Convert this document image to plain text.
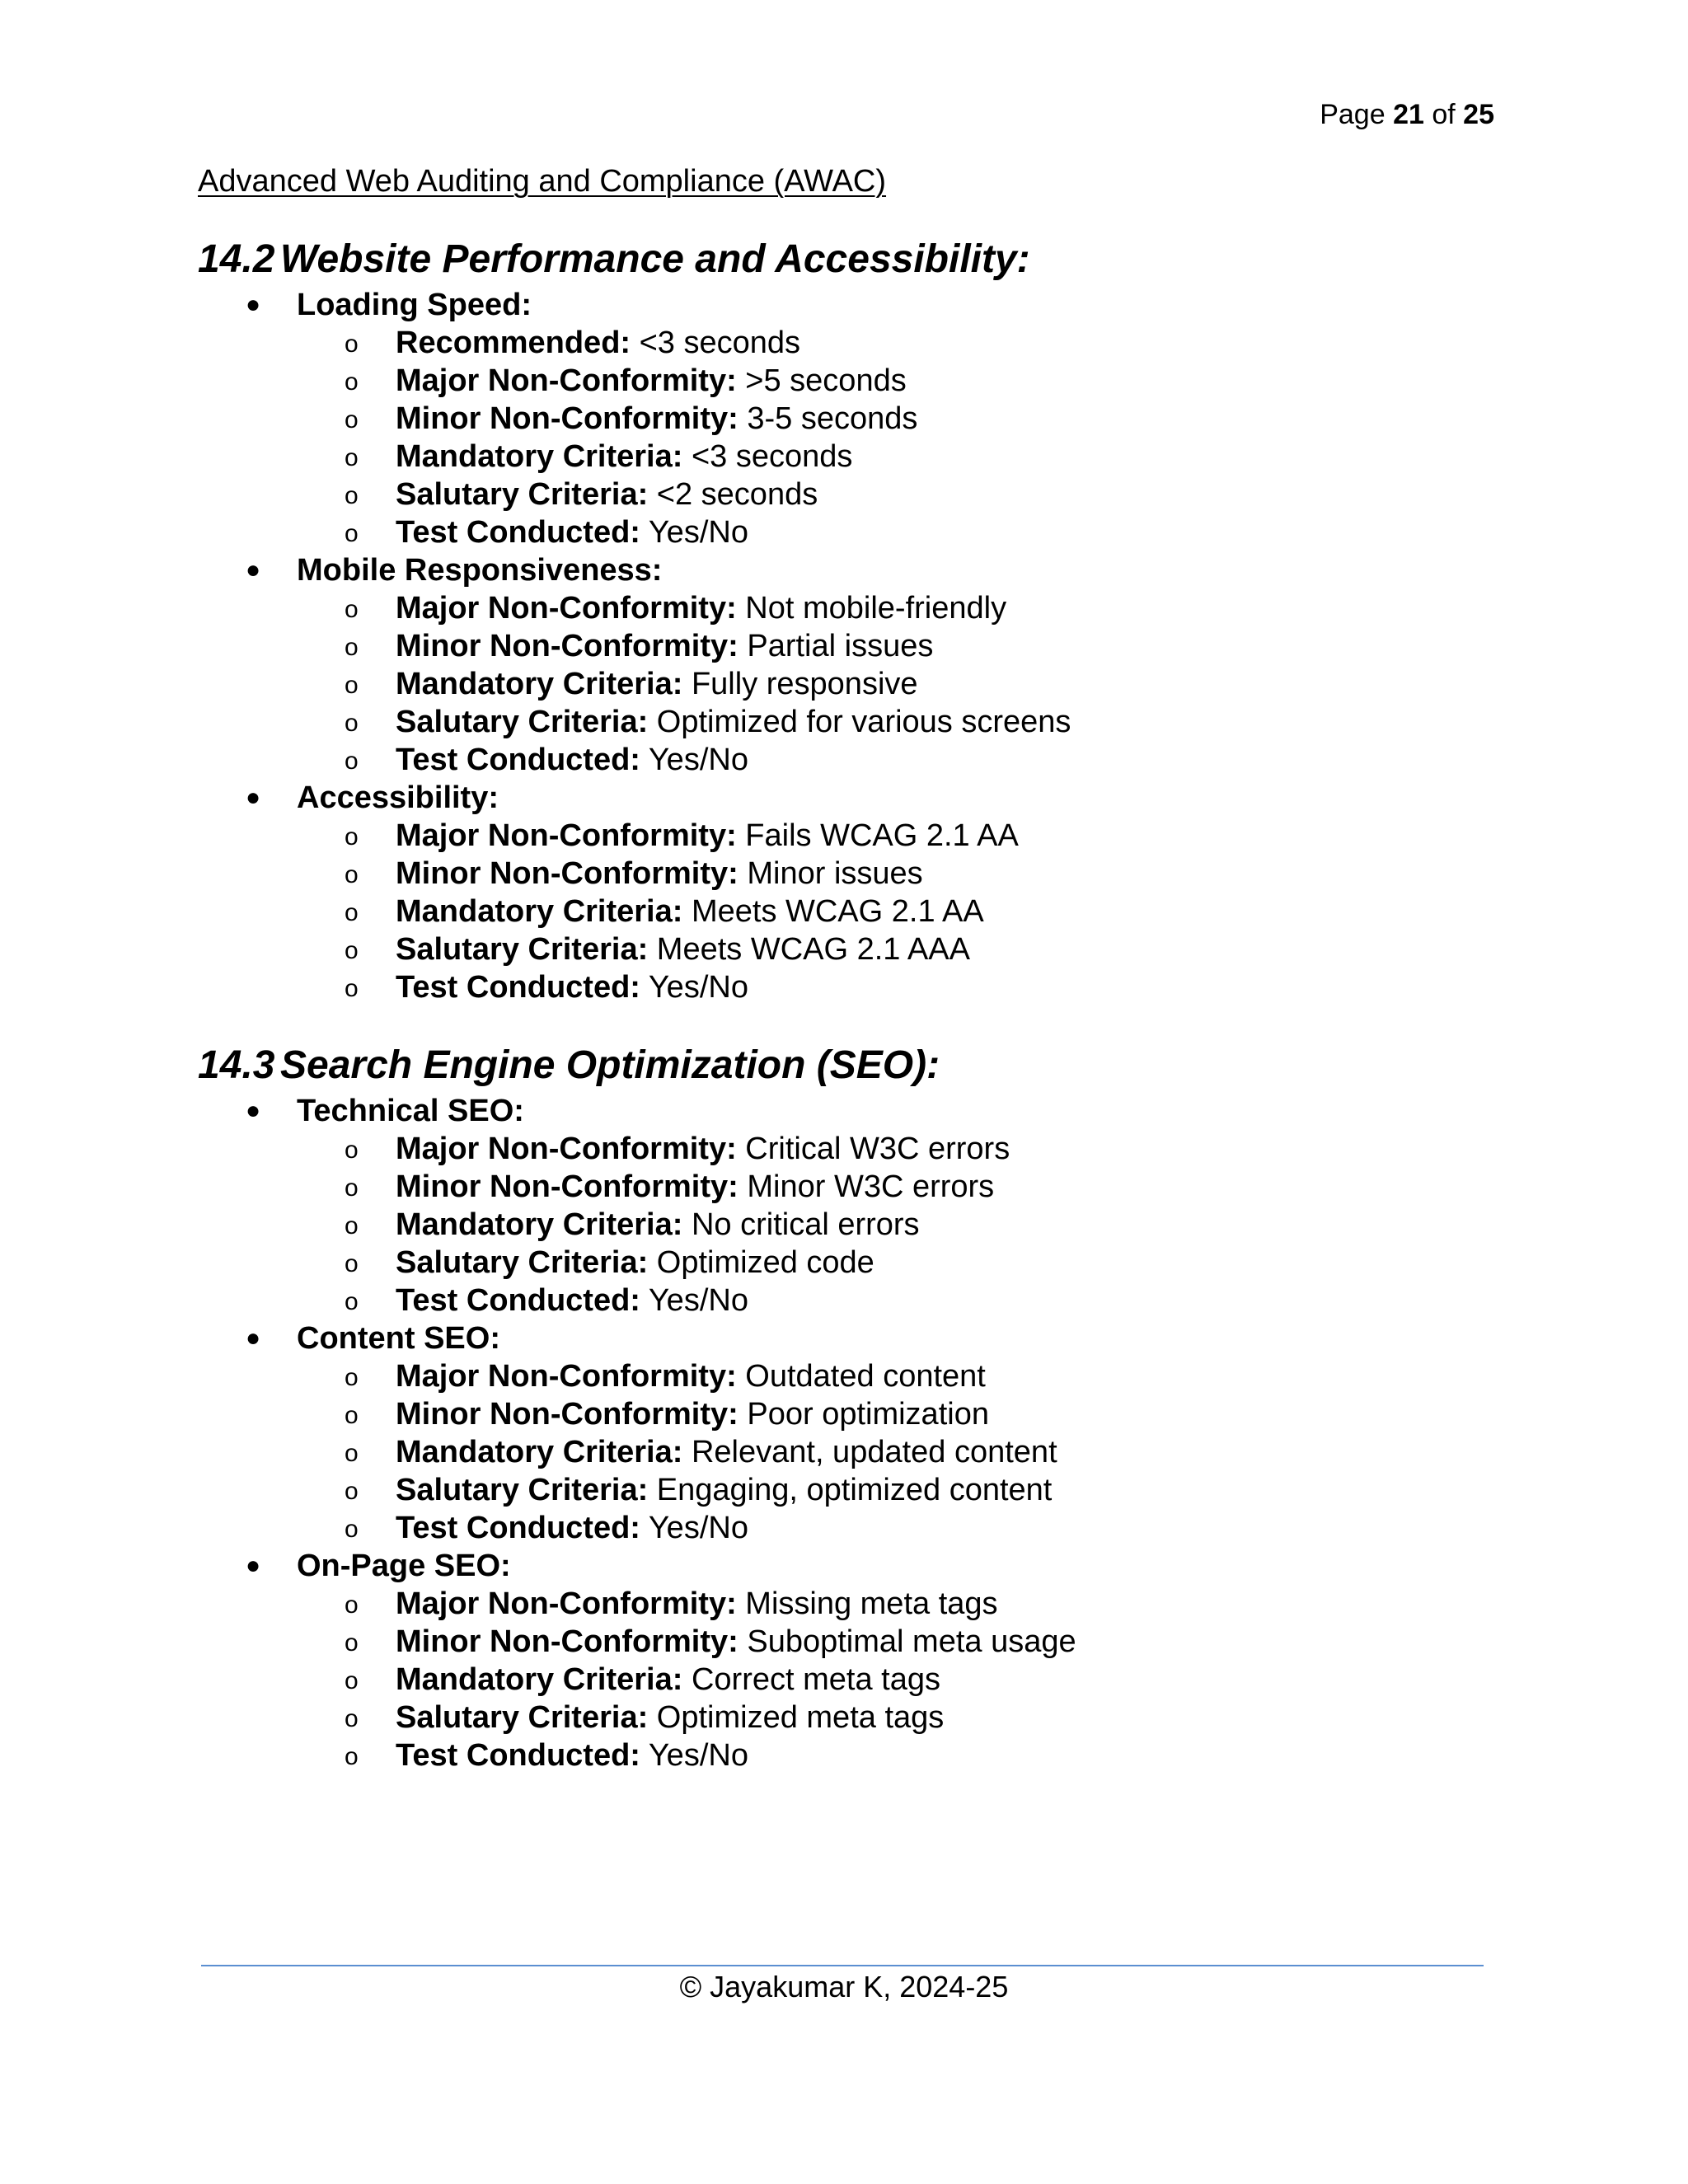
Page 21 of 25
Advanced Web Auditing and Compliance (AWAC)
14.2 Website Performance and Accessibility:
● Loading Speed:
o Recommended: <3 seconds
o Major Non-Conformity: >5 seconds
o Minor Non-Conformity: 3-5 seconds
o Mandatory Criteria: <3 seconds
o Salutary Criteria: <2 seconds
o Test Conducted: Yes/No
● Mobile Responsiveness:
o Major Non-Conformity: Not mobile-friendly
o Minor Non-Conformity: Partial issues
o Mandatory Criteria: Fully responsive
o Salutary Criteria: Optimized for various screens
o Test Conducted: Yes/No
● Accessibility:
o Major Non-Conformity: Fails WCAG 2.1 AA
o Minor Non-Conformity: Minor issues
o Mandatory Criteria: Meets WCAG 2.1 AA
o Salutary Criteria: Meets WCAG 2.1 AAA
o Test Conducted: Yes/No
14.3 Search Engine Optimization (SEO):
● Technical SEO:
o Major Non-Conformity: Critical W3C errors
o Minor Non-Conformity: Minor W3C errors
o Mandatory Criteria: No critical errors
o Salutary Criteria: Optimized code
o Test Conducted: Yes/No
● Content SEO:
o Major Non-Conformity: Outdated content
o Minor Non-Conformity: Poor optimization
o Mandatory Criteria: Relevant, updated content
o Salutary Criteria: Engaging, optimized content
o Test Conducted: Yes/No
● On-Page SEO:
o Major Non-Conformity: Missing meta tags
o Minor Non-Conformity: Suboptimal meta usage
o Mandatory Criteria: Correct meta tags
o Salutary Criteria: Optimized meta tags
o Test Conducted: Yes/No
© Jayakumar K, 2024-25
